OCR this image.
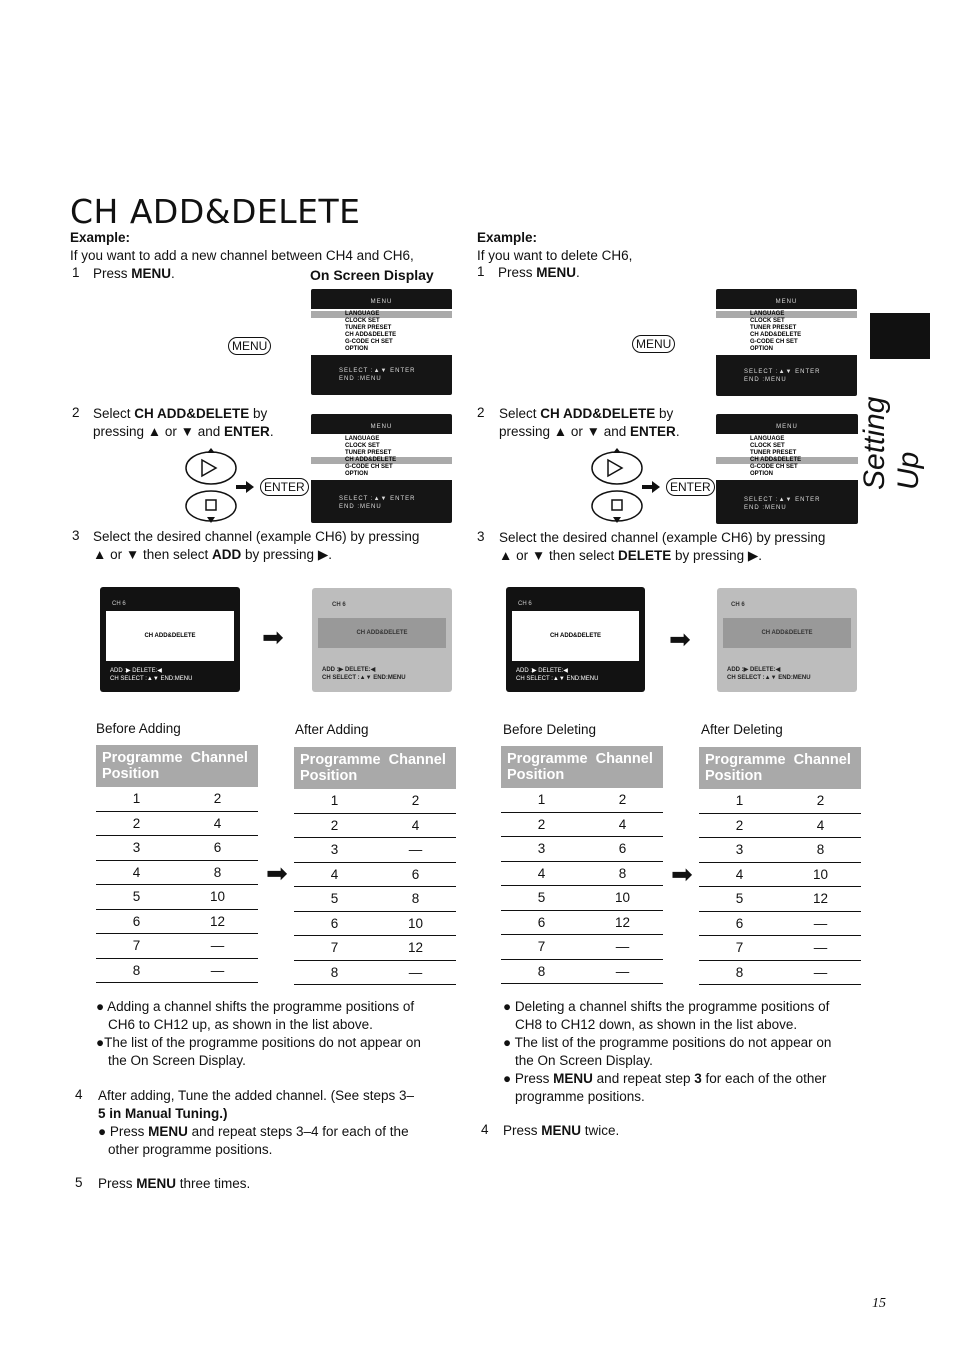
CH ADD&DELETE
Setting Up
Example:
If you want to add a new channel between CH4 and CH6,
On Screen Display
1 Press MENU.
MENU
MENU
LANGUAGE
CLOCK SET
TUNER PRESET
CH ADD&DELETE
G-CODE CH SET
OPTION
SELECT :▲▼ ENTER
END :MENU
2 Select CH ADD&DELETE by
pressing ▲ or ▼ and ENTER.
ENTER
MENU
LANGUAGE
CLOCK SET
TUNER PRESET
CH ADD&DELETE
G-CODE CH SET
OPTION
SELECT :▲▼ ENTER
END :MENU
3 Select the desired channel (example CH6) by pressing
▲ or ▼ then select ADD by pressing ▶.
CH 6
CH ADD&DELETE
ADD :▶ DELETE:◀
CH SELECT :▲▼ END:MENU
➡
CH 6
CH ADD&DELETE
ADD :▶ DELETE:◀
CH SELECT :▲▼ END:MENU
Before Adding	After Adding
Programme Channel
Position	
1	2
2	4
3	6
4	8
5	10
6	12
7	—
8	—
➡
Programme Channel
Position	
1	2
2	4
3	—
4	6
5	8
6	10
7	12
8	—
● Adding a channel shifts the programme positions of
CH6 to CH12 up, as shown in the list above.
●The list of the programme positions do not appear on
the On Screen Display.
4 After adding, Tune the added channel. (See steps 3–
5 in Manual Tuning.)
● Press MENU and repeat steps 3–4 for each of the
other programme positions.
5 Press MENU three times.
Example:
If you want to delete CH6,
1 Press MENU.
MENU
MENU
LANGUAGE
CLOCK SET
TUNER PRESET
CH ADD&DELETE
G-CODE CH SET
OPTION
SELECT :▲▼ ENTER
END :MENU
2 Select CH ADD&DELETE by
pressing ▲ or ▼ and ENTER.
ENTER
MENU
LANGUAGE
CLOCK SET
TUNER PRESET
CH ADD&DELETE
G-CODE CH SET
OPTION
SELECT :▲▼ ENTER
END :MENU
3 Select the desired channel (example CH6) by pressing
▲ or ▼ then select DELETE by pressing ▶.
CH 6
CH ADD&DELETE
ADD :▶ DELETE:◀
CH SELECT :▲▼ END:MENU
➡
CH 6
CH ADD&DELETE
ADD :▶ DELETE:◀
CH SELECT :▲▼ END:MENU
Before Deleting	After Deleting
Programme Channel
Position	
1	2
2	4
3	6
4	8
5	10
6	12
7	—
8	—
➡
Programme Channel
Position	
1	2
2	4
3	8
4	10
5	12
6	—
7	—
8	—
● Deleting a channel shifts the programme positions of
CH8 to CH12 down, as shown in the list above.
● The list of the programme positions do not appear on
the On Screen Display.
● Press MENU and repeat step 3 for each of the other
programme positions.
4 Press MENU twice.
15
